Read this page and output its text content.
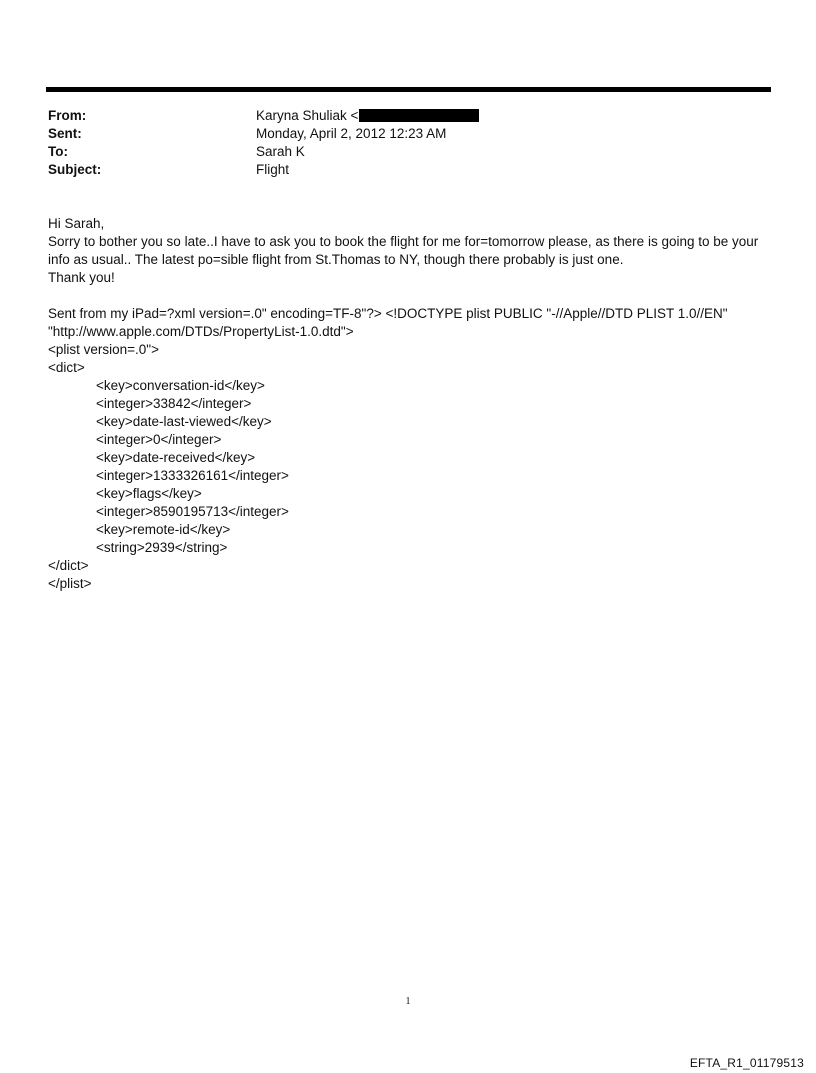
From:	Karyna Shuliak <
Sent:	Monday, April 2, 2012 12:23 AM
To:	Sarah K
Subject:	Flight

Hi Sarah,

Sorry to bother you so late..I have to ask you to book the flight for me for=tomorrow please, as there is going to be your

info as usual.. The latest po=sible flight from St.Thomas to NY, though there probably is just one.

Thank you!

Sent from my iPad=?xml version=.0" encoding=TF-8"?> <!DOCTYPE plist PUBLIC "-//Apple//DTD PLIST 1.0//EN"

"http://www.apple.com/DTDs/PropertyList-1.0.dtd">

<plist version=.0">

<dict>

<key>conversation-id</key>

<integer>33842</integer>

<key>date-last-viewed</key>

<integer>0</integer>

<key>date-received</key>

<integer>1333326161</integer>

<key>flags</key>

<integer>8590195713</integer>

<key>remote-id</key>

<string>2939</string>

</dict>

</plist>

1
EFTA_R1_01179513
